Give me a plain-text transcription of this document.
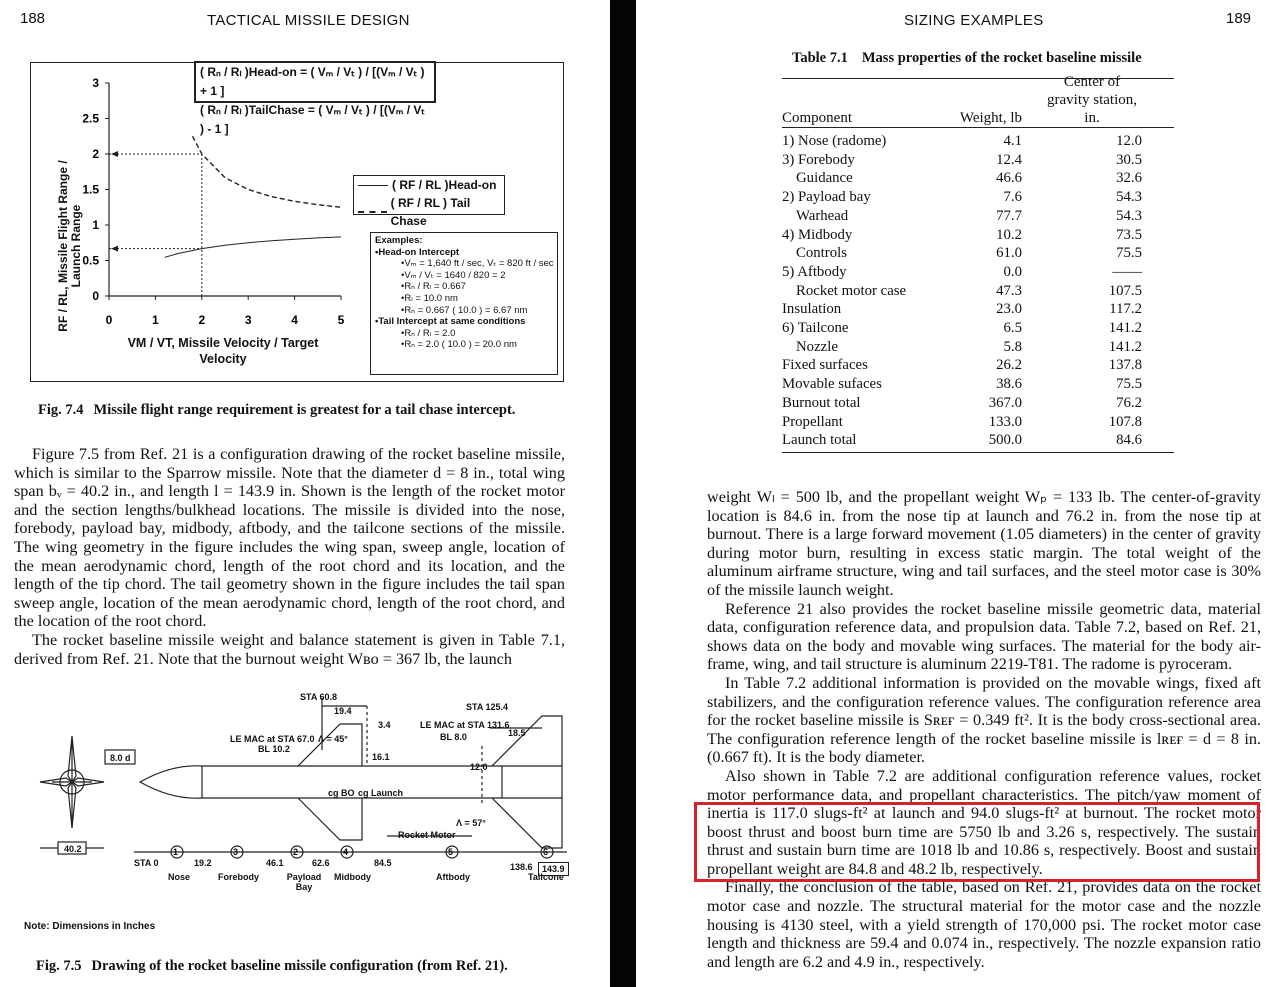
188	TACTICAL MISSILE DESIGN
0	1	2	3	4	5
0
0.5
1
1.5
2
2.5
3
( Rₙ / Rₗ )Head-on = ( Vₘ / Vₜ ) / [(Vₘ / Vₜ ) + 1 ]
( Rₙ / Rₗ )TailChase = ( Vₘ / Vₜ ) / [(Vₘ / Vₜ ) - 1 ]
RF / RL, Missile Flight Range / Launch Range
VM / VT, Missile Velocity / Target Velocity
( RF / RL )Head-on
( RF / RL ) Tail Chase
Examples:
•Head-on Intercept
•Vₘ = 1,640 ft / sec, Vₜ = 820 ft / sec
•Vₘ / Vₜ = 1640 / 820 = 2
•Rₙ / Rₗ = 0.667
•Rₗ = 10.0 nm
•Rₙ = 0.667 ( 10.0 ) = 6.67 nm
•Tail Intercept at same conditions
•Rₙ / Rₗ = 2.0
•Rₙ = 2.0 ( 10.0 ) = 20.0 nm
Fig. 7.4 Missile flight range requirement is greatest for a tail chase intercept.

Figure 7.5 from Ref. 21 is a configuration drawing of the rocket baseline missile, which is similar to the Sparrow missile. Note that the diameter d = 8 in., total wing span bᵥ = 40.2 in., and length l = 143.9 in. Shown is the length of the rocket motor and the section lengths/bulkhead locations. The missile is divided into the nose, forebody, payload bay, midbody, aftbody, and the tailcone sections of the missile. The wing geometry in the figure includes the wing span, sweep angle, location of the mean aerodynamic chord, length of the root chord and its location, and the length of the tip chord. The tail geometry shown in the figure includes the tail span sweep angle, location of the mean aerodynamic chord, length of the root chord, and the location of the root chord.

The rocket baseline missile weight and balance statement is given in Table 7.1, derived from Ref. 21. Note that the burnout weight Wʙᴏ = 367 lb, the launch

STA 60.8
19.4
3.4
LE MAC at STA 67.0
BL 10.2
Λ = 45°
16.1
LE MAC at STA 131.6
BL 8.0
STA 125.4
18.5
12.0
cg BO cg Launch
Λ = 57°
Rocket Motor
8.0 d
40.2
STA 0	19.2	46.1	62.6	84.5	138.6	143.9
Nose	Forebody	Payload Bay
Midbody	Aftbody	Tailcone
1	3	2	4	5	6
Note: Dimensions in Inches
Fig. 7.5 Drawing of the rocket baseline missile configuration (from Ref. 21).
SIZING EXAMPLES	189
Table 7.1 Mass properties of the rocket baseline missile
Component	Weight, lb
Center of gravity station, in.
1) Nose (radome)	4.1	12.0
3) Forebody	12.4	30.5
Guidance	46.6	32.6
2) Payload bay	7.6	54.3
Warhead	77.7	54.3
4) Midbody	10.2	73.5
Controls	61.0	75.5
5) Aftbody	0.0	——
Rocket motor case	47.3	107.5
Insulation	23.0	117.2
6) Tailcone	6.5	141.2
Nozzle	5.8	141.2
Fixed surfaces	26.2	137.8
Movable sufaces	38.6	75.5
Burnout total	367.0	76.2
Propellant	133.0	107.8
Launch total	500.0	84.6

weight Wₗ = 500 lb, and the propellant weight Wₚ = 133 lb. The center-of-gravity location is 84.6 in. from the nose tip at launch and 76.2 in. from the nose tip at burnout. There is a large forward movement (1.05 diameters) in the center of gravity during motor burn, resulting in excess static margin. The total weight of the aluminum airframe structure, wing and tail surfaces, and the steel motor case is 30% of the missile launch weight.

Reference 21 also provides the rocket baseline missile geometric data, material data, configuration reference data, and propulsion data. Table 7.2, based on Ref. 21, shows data on the body and movable wing surfaces. The material for the body air-frame, wing, and tail structure is aluminum 2219-T81. The radome is pyroceram.

In Table 7.2 additional information is provided on the movable wings, fixed aft stabilizers, and the configuration reference values. The configuration reference area for the rocket baseline missile is Sʀᴇғ = 0.349 ft². It is the body cross-sectional area. The configuration reference length of the rocket baseline missile is lʀᴇғ = d = 8 in. (0.667 ft). It is the body diameter.

Also shown in Table 7.2 are additional configuration reference values, rocket motor performance data, and propellant characteristics. The pitch/yaw moment of inertia is 117.0 slugs-ft² at launch and 94.0 slugs-ft² at burnout. The rocket motor boost thrust and boost burn time are 5750 lb and 3.26 s, respectively. The sustain thrust and sustain burn time are 1018 lb and 10.86 s, respectively. Boost and sustain propellant weight are 84.8 and 48.2 lb, respectively.

Finally, the conclusion of the table, based on Ref. 21, provides data on the rocket motor case and nozzle. The structural material for the motor case and the nozzle housing is 4130 steel, with a yield strength of 170,000 psi. The rocket motor case length and thickness are 59.4 and 0.074 in., respectively. The nozzle expansion ratio and length are 6.2 and 4.9 in., respectively.
